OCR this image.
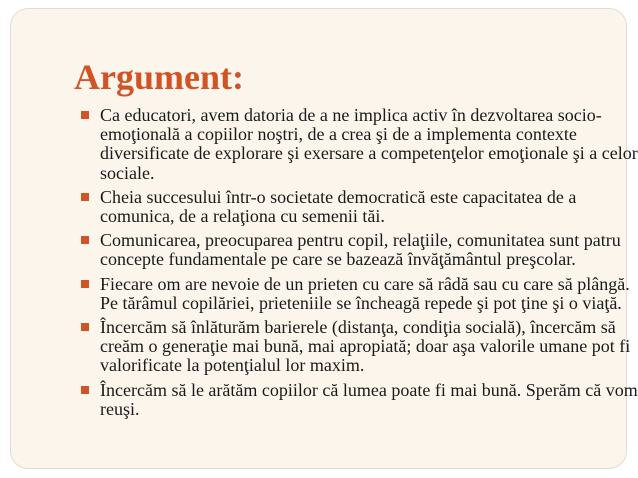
Argument:
Ca educatori, avem datoria de a ne implica activ în dezvoltarea socio-emoţională a copiilor noştri, de a crea şi de a implementa contexte diversificate de explorare şi exersare a competenţelor emoţionale şi a celor sociale.
Cheia succesului într-o societate democratică este capacitatea de a comunica, de a relaţiona cu semenii tăi.
Comunicarea, preocuparea pentru copil, relaţiile, comunitatea sunt patru concepte fundamentale pe care se bazează învăţământul preşcolar.
Fiecare om are nevoie de un prieten cu care să râdă sau cu care să plângă. Pe tărâmul copilăriei, prieteniile se încheagă repede şi pot ţine şi o viaţă.
Încercăm să înlăturăm barierele (distanţa, condiţia socială), încercăm să creăm o generaţie mai bună, mai apropiată; doar aşa valorile umane pot fi valorificate la potenţialul lor maxim.
Încercăm să le arătăm copiilor că lumea poate fi mai bună. Sperăm că vom reuşi.
